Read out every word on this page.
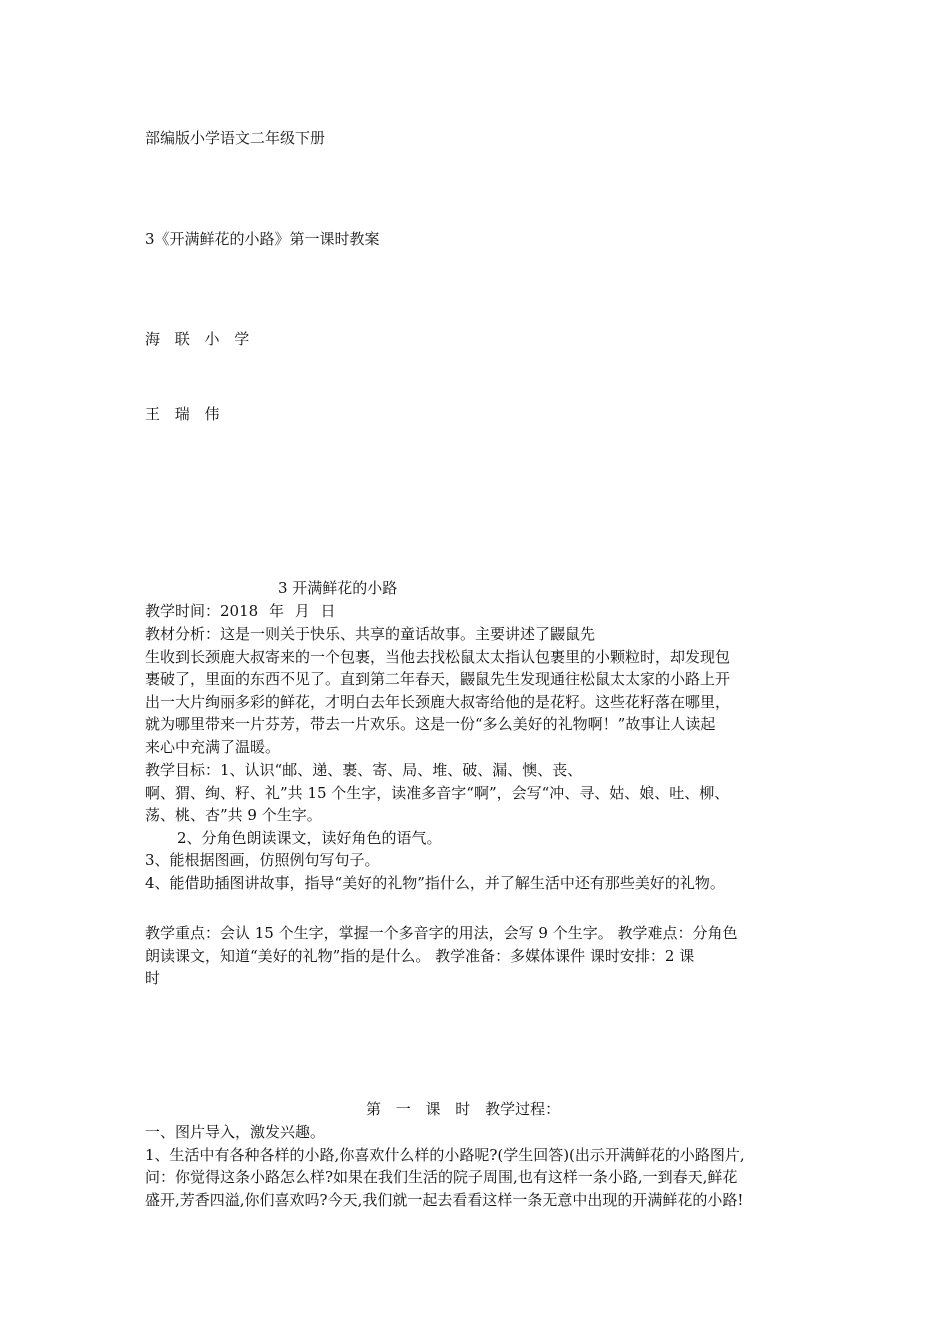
部编版小学语文二年级下册
3《开满鲜花的小路》第一课时教案
海 联 小 学
王 瑞 伟
3 开满鲜花的小路
教学时间：2018 年 月 日
教材分析：这是一则关于快乐、共享的童话故事。主要讲述了鼹鼠先
生收到长颈鹿大叔寄来的一个包裹，当他去找松鼠太太指认包裹里的小颗粒时，却发现包
裹破了，里面的东西不见了。直到第二年春天，鼹鼠先生发现通往松鼠太太家的小路上开
出一大片绚丽多彩的鲜花，才明白去年长颈鹿大叔寄给他的是花籽。这些花籽落在哪里，
就为哪里带来一片芬芳，带去一片欢乐。这是一份“多么美好的礼物啊！”故事让人读起
来心中充满了温暖。
教学目标：1、认识“邮、递、裹、寄、局、堆、破、漏、懊、丧、
啊、猬、绚、籽、礼”共 15 个生字，读准多音字“啊”，会写“冲、寻、姑、娘、吐、柳、
荡、桃、杏”共 9 个生字。
2、分角色朗读课文，读好角色的语气。
3、能根据图画，仿照例句写句子。
4、能借助插图讲故事，指导“美好的礼物”指什么，并了解生活中还有那些美好的礼物。
教学重点：会认 15 个生字，掌握一个多音字的用法，会写 9 个生字。 教学难点：分角色
朗读课文，知道“美好的礼物”指的是什么。 教学准备：多媒体课件 课时安排：2 课
时
第 一 课 时 教学过程：
一、图片导入，激发兴趣。
1、生活中有各种各样的小路,你喜欢什么样的小路呢?(学生回答)(出示开满鲜花的小路图片,
问：你觉得这条小路怎么样?如果在我们生活的院子周围,也有这样一条小路,一到春天,鲜花
盛开,芳香四溢,你们喜欢吗?今天,我们就一起去看看这样一条无意中出现的开满鲜花的小路!
